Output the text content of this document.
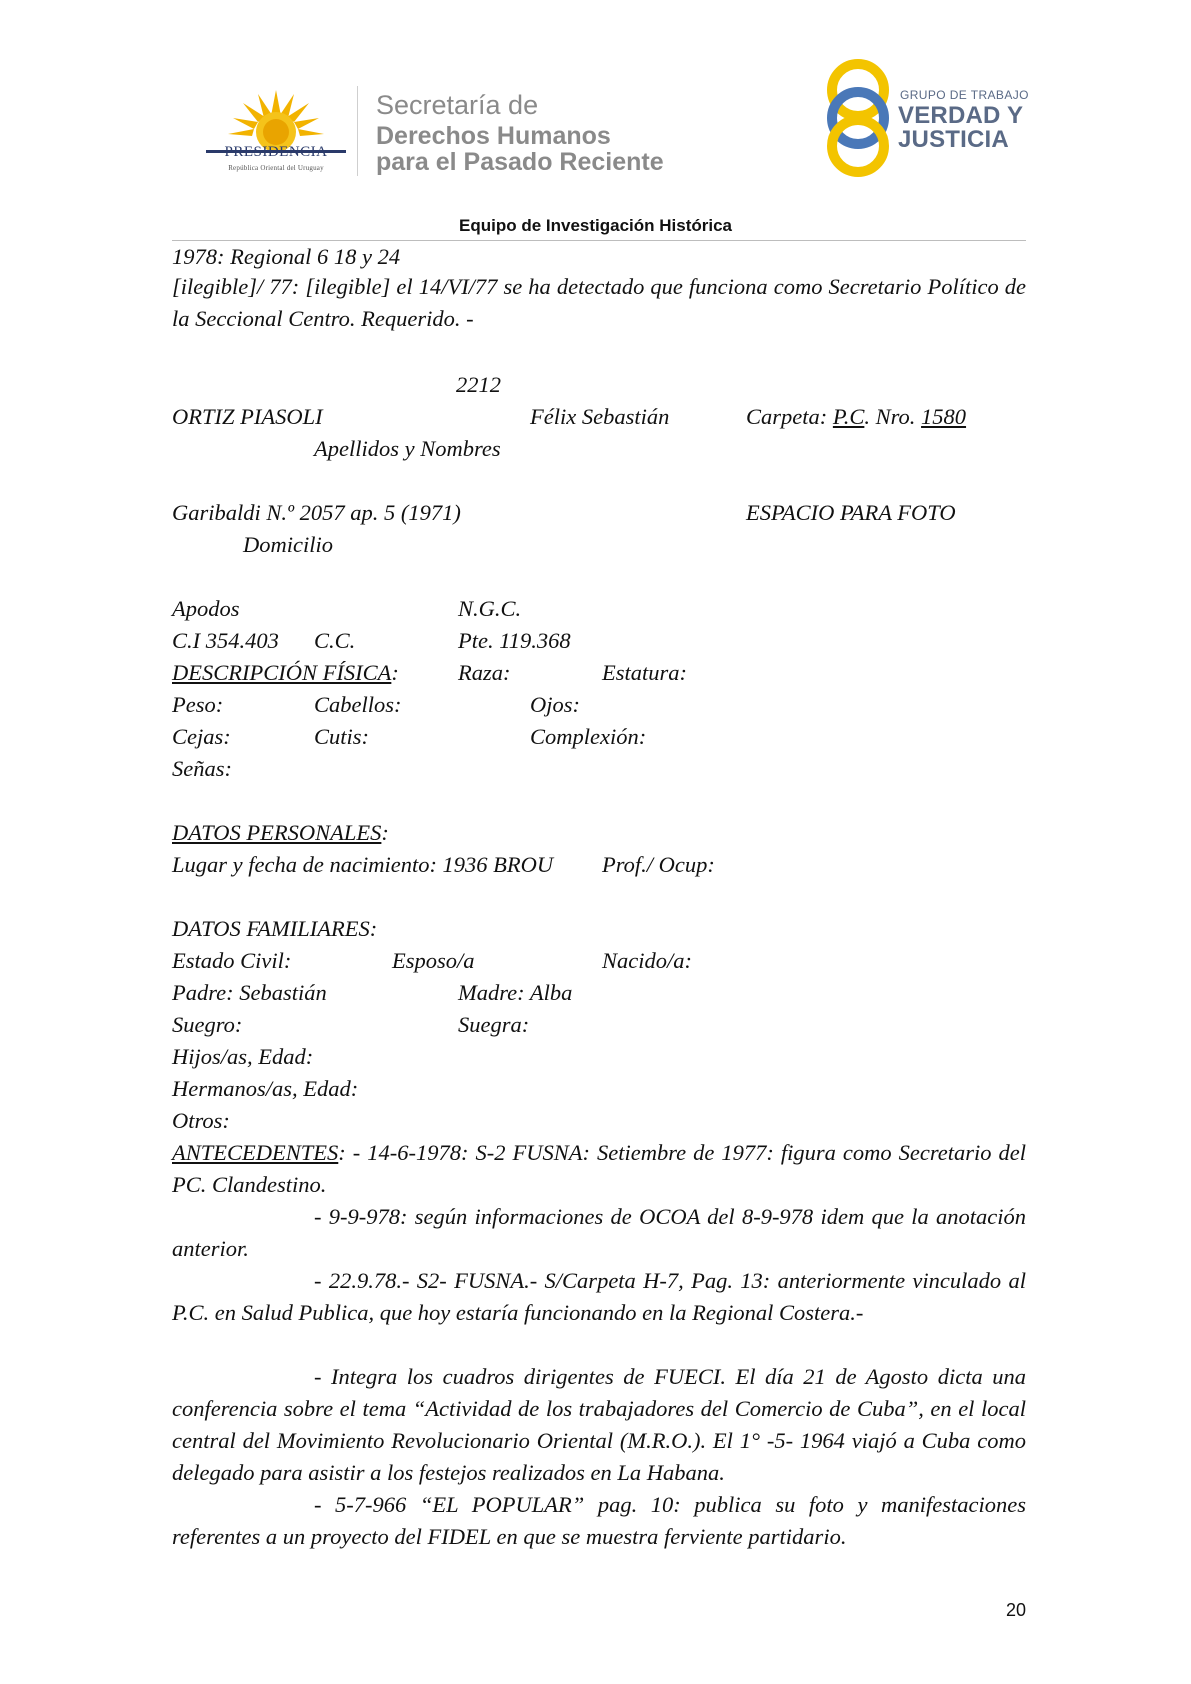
PRESIDENCIA
República Oriental del Uruguay
Secretaría de
Derechos Humanos
para el Pasado Reciente
GRUPO DE TRABAJO
VERDAD Y
JUSTICIA
Equipo de Investigación Histórica
1978: Regional 6 18 y 24
[ilegible]/ 77: [ilegible] el 14/VI/77 se ha detectado que funciona como Secretario Político de la Seccional Centro. Requerido. -
2212
ORTIZ PIASOLI	Félix Sebastián	Carpeta: P.C. Nro. 1580
Apellidos y Nombres
Garibaldi N.º 2057 ap. 5 (1971)	ESPACIO PARA FOTO
Domicilio
Apodos	N.G.C.
C.I 354.403 C.C.	Pte. 119.368
DESCRIPCIÓN FÍSICA:	Raza:	Estatura:
Peso:	Cabellos:	Ojos:
Cejas:	Cutis:	Complexión:
Señas:
DATOS PERSONALES:
Lugar y fecha de nacimiento: 1936 BROU Prof./ Ocup:
DATOS FAMILIARES:
Estado Civil:	Esposo/a	Nacido/a:
Padre: Sebastián	Madre: Alba
Suegro:	Suegra:
Hijos/as, Edad:
Hermanos/as, Edad:
Otros:
ANTECEDENTES: - 14-6-1978: S-2 FUSNA: Setiembre de 1977: figura como Secretario del PC. Clandestino.
- 9-9-978: según informaciones de OCOA del 8-9-978 idem que la anotación anterior.
- 22.9.78.- S2- FUSNA.- S/Carpeta H-7, Pag. 13: anteriormente vinculado al P.C. en Salud Publica, que hoy estaría funcionando en la Regional Costera.-
- Integra los cuadros dirigentes de FUECI. El día 21 de Agosto dicta una conferencia sobre el tema “Actividad de los trabajadores del Comercio de Cuba”, en el local central del Movimiento Revolucionario Oriental (M.R.O.). El 1° -5- 1964 viajó a Cuba como delegado para asistir a los festejos realizados en La Habana.
- 5-7-966 “EL POPULAR” pag. 10: publica su foto y manifestaciones referentes a un proyecto del FIDEL en que se muestra ferviente partidario.
20
